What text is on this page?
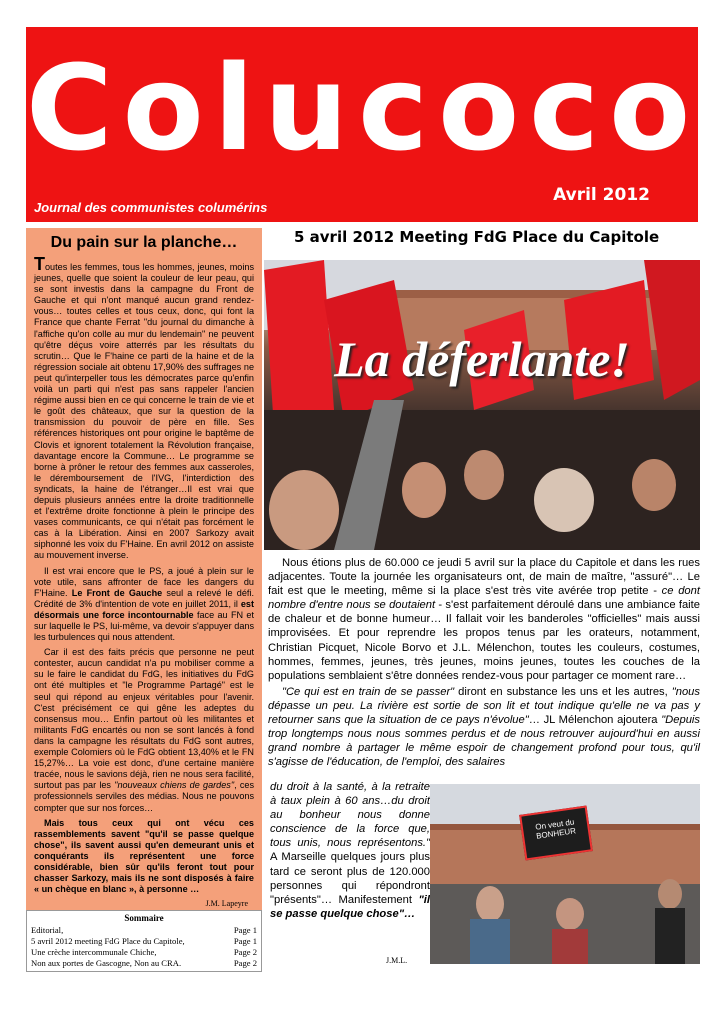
Colucoco
Avril 2012
Journal des communistes columérins
Du pain sur la planche…

Toutes les femmes, tous les hommes, jeunes, moins jeunes, quelle que soient la couleur de leur peau, qui se sont investis dans la campagne du Front de Gauche et qui n'ont manqué aucun grand rendez-vous… toutes celles et tous ceux, donc, qui font la France que chante Ferrat "du journal du dimanche à l'affiche qu'on colle au mur du lendemain" ne peuvent qu'être déçus voire atterrés par les résultats du scrutin… Que le F'haine ce parti de la haine et de la régression sociale ait obtenu 17,90% des suffrages ne peut qu'interpeller tous les démocrates parce qu'enfin voilà un parti qui n'est pas sans rappeler l'ancien régime aussi bien en ce qui concerne le train de vie et le goût des châteaux, que sur la question de la transmission du pouvoir de père en fille. Ses références historiques ont pour origine le baptême de Clovis et ignorent totalement la Révolution française, davantage encore la Commune… Le programme se borne à prôner le retour des femmes aux casseroles, le déremboursement de l'IVG, l'interdiction des syndicats, la haine de l'étranger…Il est vrai que depuis plusieurs années entre la droite traditionnelle et l'extrême droite fonctionne à plein le principe des vases communicants, ce qui n'était pas forcément le cas à la Libération. Ainsi en 2007 Sarkozy avait siphonné les voix du F'Haine. En avril 2012 on assiste au mouvement inverse.

Il est vrai encore que le PS, a joué à plein sur le vote utile, sans affronter de face les dangers du F'Haine. Le Front de Gauche seul a relevé le défi. Crédité de 3% d'intention de vote en juillet 2011, il est désormais une force incontournable face au FN et sur laquelle le PS, lui-même, va devoir s'appuyer dans les turbulences qui nous attendent.

Car il est des faits précis que personne ne peut contester, aucun candidat n'a pu mobiliser comme a su le faire le candidat du FdG, les initiatives du FdG ont été multiples et "le Programme Partagé" est le seul qui répond au enjeux véritables pour l'avenir. C'est précisément ce qui gêne les adeptes du consensus mou… Enfin partout où les militantes et militants FdG encartés ou non se sont lancés à fond dans la campagne les résultats du FdG sont autres, exemple Colomiers où le FdG obtient 13,40% et le FN 15,27%… La voie est donc, d'une certaine manière tracée, nous le savions déjà, rien ne nous sera facilité, surtout pas par les "nouveaux chiens de gardes", ces professionnels serviles des médias. Nous ne pouvons compter que sur nos forces…

Mais tous ceux qui ont vécu ces rassemblements savent "qu'il se passe quelque chose", ils savent aussi qu'en demeurant unis et conquérants ils représentent une force considérable, bien sûr qu'ils feront tout pour chasser Sarkozy, mais ils ne sont disposés à faire « un chèque en blanc », à personne …

J.M. Lapeyre
Sommaire
Editorial,	Page 1
5 avril 2012 meeting FdG Place du Capitole,	Page 1
Une crèche intercommunale Chiche,	Page 2
Non aux portes de Gascogne, Non au CRA.	Page 2
5 avril 2012 Meeting FdG Place du Capitole
La déferlante!

Nous étions plus de 60.000 ce jeudi 5 avril sur la place du Capitole et dans les rues adjacentes. Toute la journée les organisateurs ont, de main de maître, "assuré"… Le fait est que le meeting, même si la place s'est très vite avérée trop petite - ce dont nombre d'entre nous se doutaient - s'est parfaitement déroulé dans une ambiance faite de chaleur et de bonne humeur… Il fallait voir les banderoles "officielles" mais aussi improvisées. Et pour reprendre les propos tenus par les orateurs, notamment, Christian Picquet, Nicole Borvo et J.L. Mélenchon, toutes les couleurs, costumes, hommes, femmes, jeunes, très jeunes, moins jeunes, toutes les couches de la populations semblaient s'être données rendez-vous pour partager ce moment rare…

"Ce qui est en train de se passer" diront en substance les uns et les autres, "nous dépasse un peu. La rivière est sortie de son lit et tout indique qu'elle ne va pas y retourner sans que la situation de ce pays n'évolue"… JL Mélenchon ajoutera "Depuis trop longtemps nous nous sommes perdus et de nous retrouver aujourd'hui en aussi grand nombre à partager le même espoir de changement profond pour tous, qu'il s'agisse de l'éducation, de l'emploi, des salaires

du droit à la santé, à la retraite à taux plein à 60 ans…du droit au bonheur nous donne conscience de la force que, tous unis, nous représentons." A Marseille quelques jours plus tard ce seront plus de 120.000 personnes qui répondront "présents"… Manifestement "il se passe quelque chose"…
On veut du BONHEUR
J.M.L.
